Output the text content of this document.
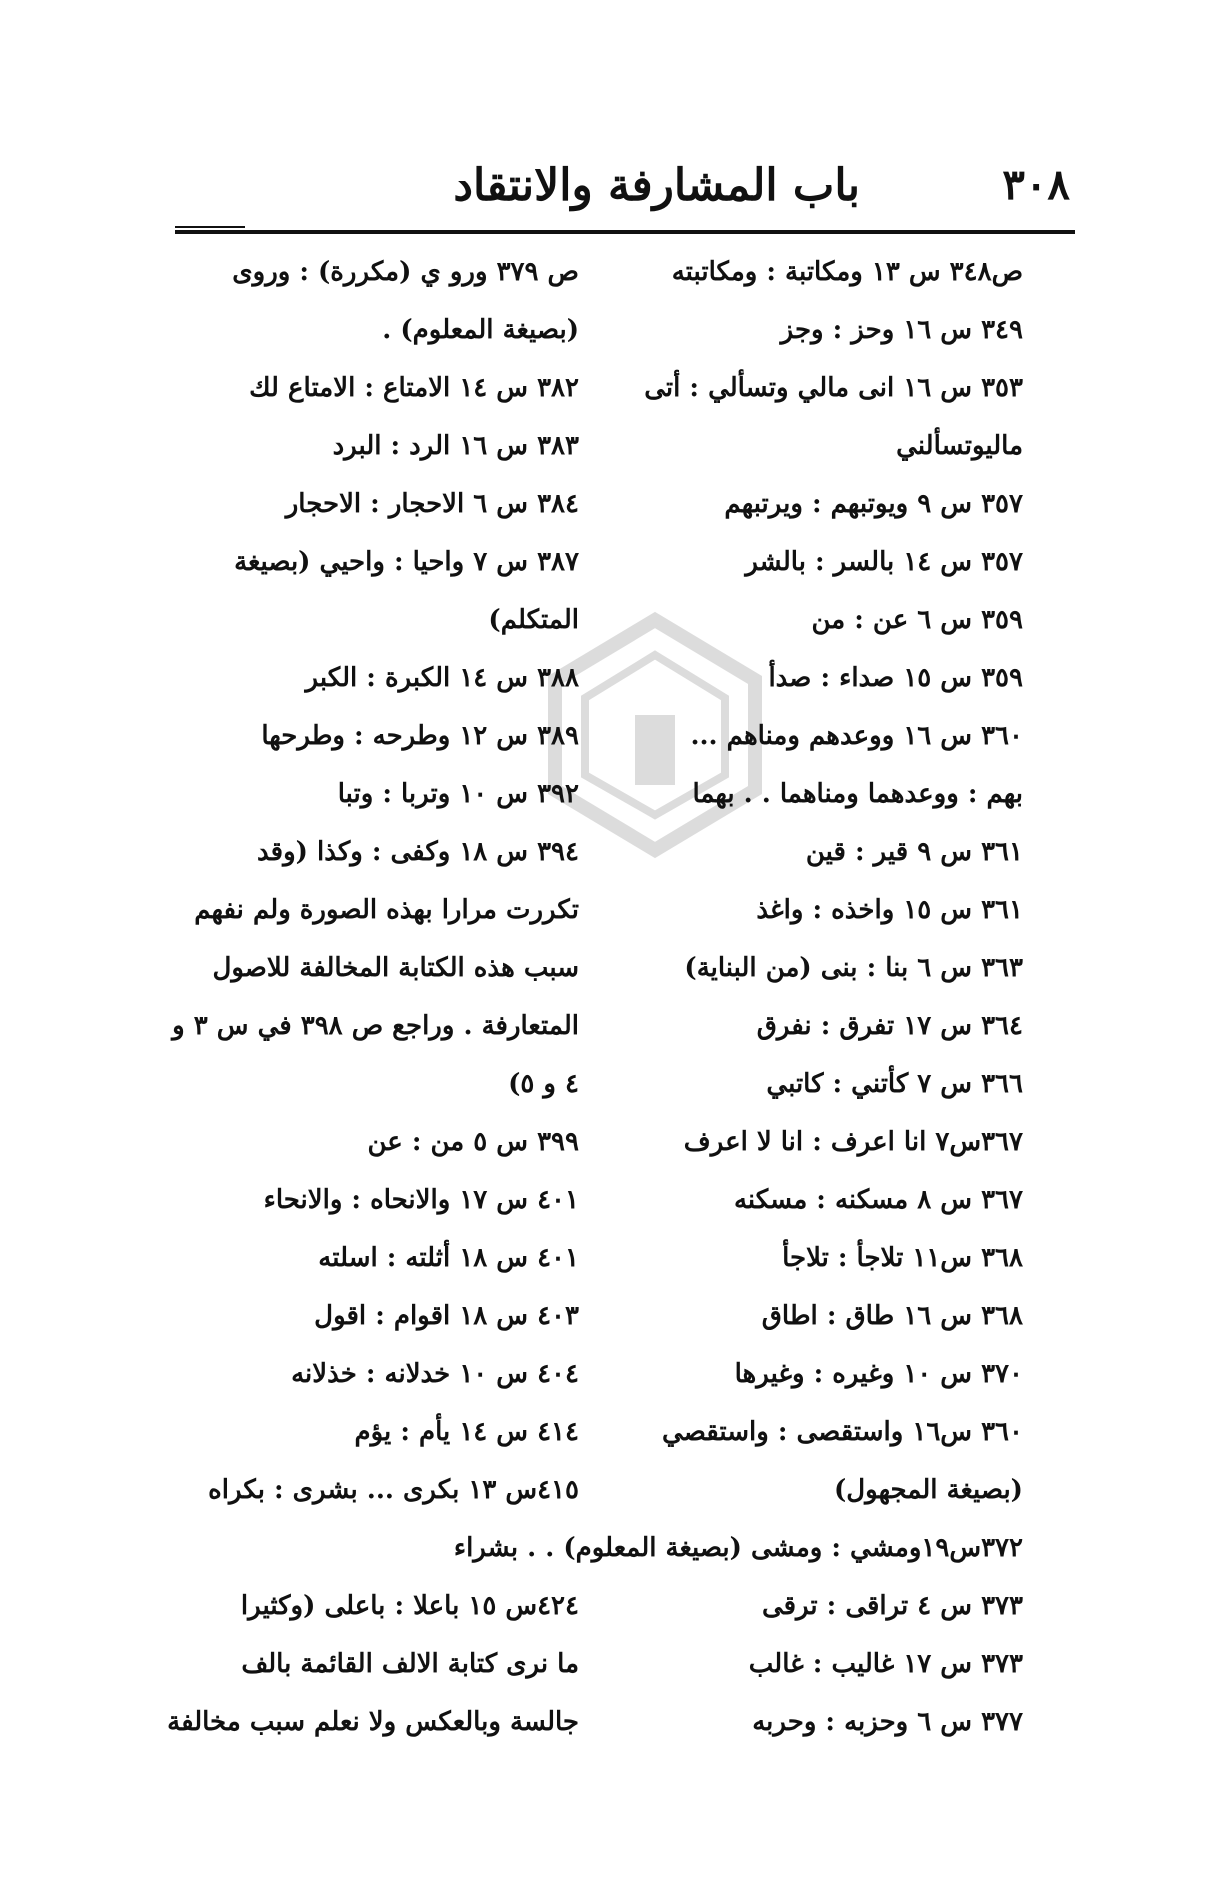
٣٠٨
باب المشارفة والانتقاد
ص٣٤٨ س ١٣ ومكاتبة : ومكاتبته
٣٤٩ س ١٦ وحز : وجز
٣٥٣ س ١٦ انى مالي وتسألي : أتى
ماليوتسألني
٣٥٧ س ٩ ويوتبهم : ويرتبهم
٣٥٧ س ١٤ بالسر : بالشر
٣٥٩ س ٦ عن : من
٣٥٩ س ١٥ صداء : صدأ
٣٦٠ س ١٦ ووعدهم ومناهم ...
بهم : ووعدهما ومناهما . . بهما
٣٦١ س ٩ قير : قين
٣٦١ س ١٥ واخذه : واغذ
٣٦٣ س ٦ بنا : بنى (من البناية)
٣٦٤ س ١٧ تفرق : نفرق
٣٦٦ س ٧ كأتني : كاتبي
٣٦٧س٧ انا اعرف : انا لا اعرف
٣٦٧ س ٨ مسكنه : مسكنه
٣٦٨ س١١ تلاجأ : تلاجأ
٣٦٨ س ١٦ طاق : اطاق
٣٧٠ س ١٠ وغيره : وغيرها
٣٦٠ س١٦ واستقصى : واستقصي
(بصيغة المجهول)
٣٧٢س١٩ومشي : ومشى (بصيغة المعلوم) . . بشراء
٣٧٣ س ٤ تراقى : ترقى
٣٧٣ س ١٧ غاليب : غالب
٣٧٧ س ٦ وحزبه : وحربه
ص ٣٧٩ ورو ي (مكررة) : وروى
(بصيغة المعلوم) .
٣٨٢ س ١٤ الامتاع : الامتاع لك
٣٨٣ س ١٦ الرد : البرد
٣٨٤ س ٦ الاحجار : الاحجار
٣٨٧ س ٧ واحيا : واحيي (بصيغة
المتكلم)
٣٨٨ س ١٤ الكبرة : الكبر
٣٨٩ س ١٢ وطرحه : وطرحها
٣٩٢ س ١٠ وتربا : وتبا
٣٩٤ س ١٨ وكفى : وكذا (وقد
تكررت مرارا بهذه الصورة ولم نفهم
سبب هذه الكتابة المخالفة للاصول
المتعارفة . وراجع ص ٣٩٨ في س ٣ و
٤ و ٥)
٣٩٩ س ٥ من : عن
٤٠١ س ١٧ والانحاه : والانحاء
٤٠١ س ١٨ أثلته : اسلته
٤٠٣ س ١٨ اقوام : اقول
٤٠٤ س ١٠ خدلانه : خذلانه
٤١٤ س ١٤ يأم : يؤم
٤١٥س ١٣ بكرى ... بشرى : بكراه
٤٢٤س ١٥ باعلا : باعلى (وكثيرا
ما نرى كتابة الالف القائمة بالف
جالسة وبالعكس ولا نعلم سبب مخالفة
